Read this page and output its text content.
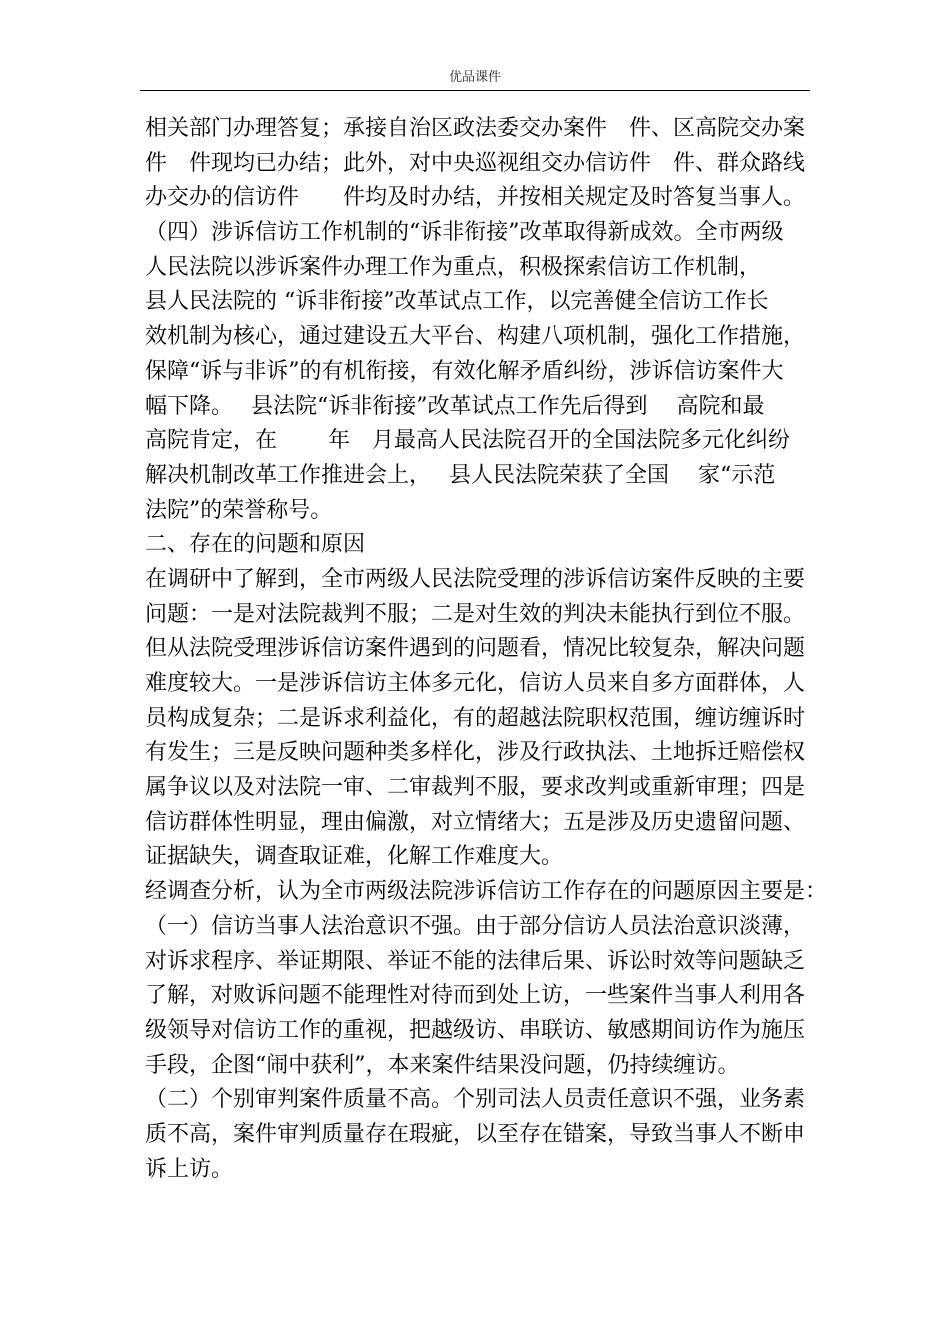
优品课件
相关部门办理答复；承接自治区政法委交办案件　件、区高院交办案
件　件现均已办结；此外，对中央巡视组交办信访件　件、群众路线
办交办的信访件　　件均及时办结，并按相关规定及时答复当事人。
（四）涉诉信访工作机制的“诉非衔接”改革取得新成效。全市两级
人民法院以涉诉案件办理工作为重点，积极探索信访工作机制，
县人民法院的 “诉非衔接”改革试点工作，以完善健全信访工作长
效机制为核心，通过建设五大平台、构建八项机制，强化工作措施，
保障“诉与非诉”的有机衔接，有效化解矛盾纠纷，涉诉信访案件大
幅下降。　 县法院“诉非衔接”改革试点工作先后得到　 高院和最
高院肯定，在　　 年　月最高人民法院召开的全国法院多元化纠纷
解决机制改革工作推进会上，　 县人民法院荣获了全国　 家“示范
法院”的荣誉称号。
二、存在的问题和原因
在调研中了解到，全市两级人民法院受理的涉诉信访案件反映的主要
问题：一是对法院裁判不服；二是对生效的判决未能执行到位不服。
但从法院受理涉诉信访案件遇到的问题看，情况比较复杂，解决问题
难度较大。一是涉诉信访主体多元化，信访人员来自多方面群体，人
员构成复杂；二是诉求利益化，有的超越法院职权范围，缠访缠诉时
有发生；三是反映问题种类多样化，涉及行政执法、土地拆迁赔偿权
属争议以及对法院一审、二审裁判不服，要求改判或重新审理；四是
信访群体性明显，理由偏激，对立情绪大；五是涉及历史遗留问题、
证据缺失，调查取证难，化解工作难度大。
经调查分析，认为全市两级法院涉诉信访工作存在的问题原因主要是：
（一）信访当事人法治意识不强。由于部分信访人员法治意识淡薄，
对诉求程序、举证期限、举证不能的法律后果、诉讼时效等问题缺乏
了解，对败诉问题不能理性对待而到处上访，一些案件当事人利用各
级领导对信访工作的重视，把越级访、串联访、敏感期间访作为施压
手段，企图“闹中获利”，本来案件结果没问题，仍持续缠访。
（二）个别审判案件质量不高。个别司法人员责任意识不强，业务素
质不高，案件审判质量存在瑕疵，以至存在错案，导致当事人不断申
诉上访。
